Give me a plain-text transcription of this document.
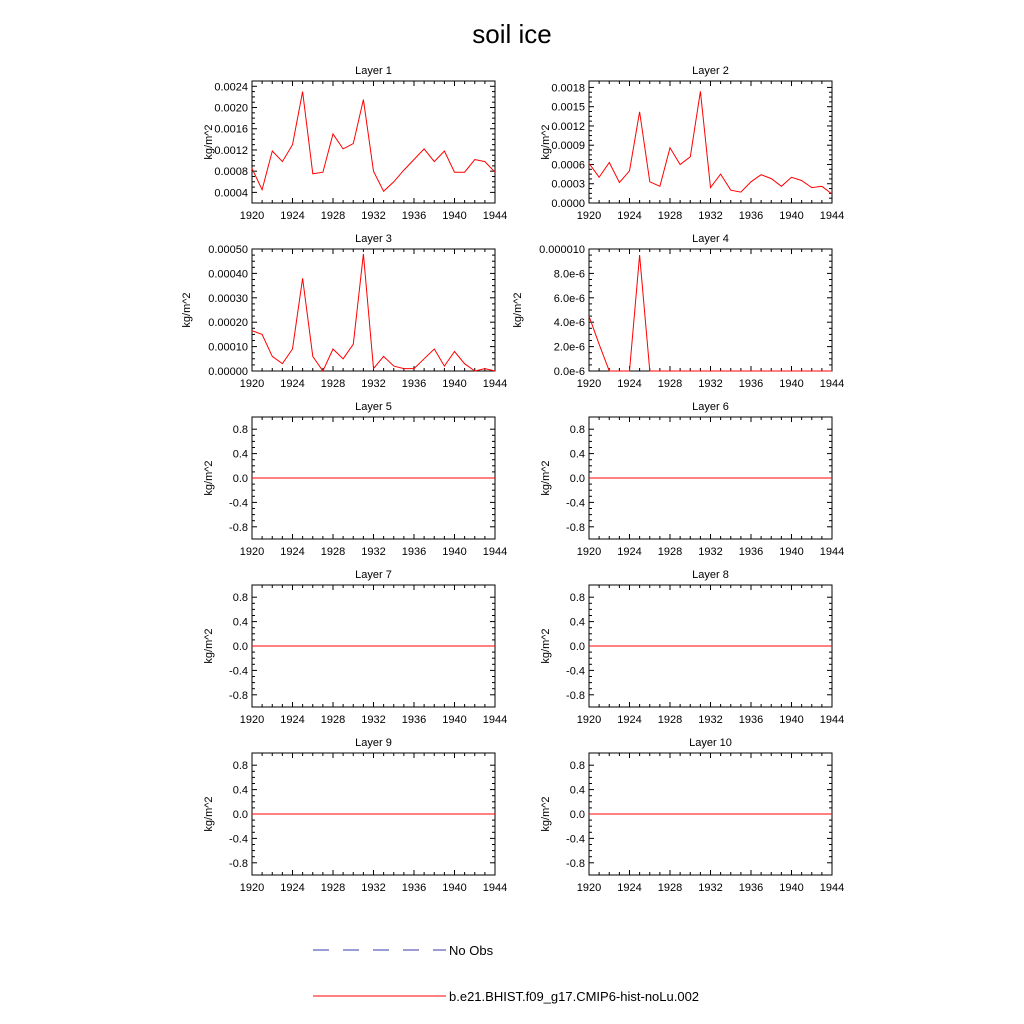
soil ice
Layer 1
1920 1924 1928 1932 1936 1940 1944
0.0004
0.0008
0.0012
0.0016
0.0020
0.0024
kg/m^2
Layer 2
1920 1924 1928 1932 1936 1940 1944
0.0000
0.0003
0.0006
0.0009
0.0012
0.0015
0.0018
kg/m^2
Layer 3
1920 1924 1928 1932 1936 1940 1944
0.00000
0.00010
0.00020
0.00030
0.00040
0.00050
kg/m^2
Layer 4
1920 1924 1928 1932 1936 1940 1944
0.0e-6
2.0e-6
4.0e-6
6.0e-6
8.0e-6
0.000010
kg/m^2
Layer 5
1920 1924 1928 1932 1936 1940 1944
-0.8
-0.4
0.0
0.4
0.8
kg/m^2
Layer 6
1920 1924 1928 1932 1936 1940 1944
-0.8
-0.4
0.0
0.4
0.8
kg/m^2
Layer 7
1920 1924 1928 1932 1936 1940 1944
-0.8
-0.4
0.0
0.4
0.8
kg/m^2
Layer 8
1920 1924 1928 1932 1936 1940 1944
-0.8
-0.4
0.0
0.4
0.8
kg/m^2
Layer 9
1920 1924 1928 1932 1936 1940 1944
-0.8
-0.4
0.0
0.4
0.8
kg/m^2
Layer 10
1920 1924 1928 1932 1936 1940 1944
-0.8
-0.4
0.0
0.4
0.8
kg/m^2
No Obs
b.e21.BHIST.f09_g17.CMIP6-hist-noLu.002
